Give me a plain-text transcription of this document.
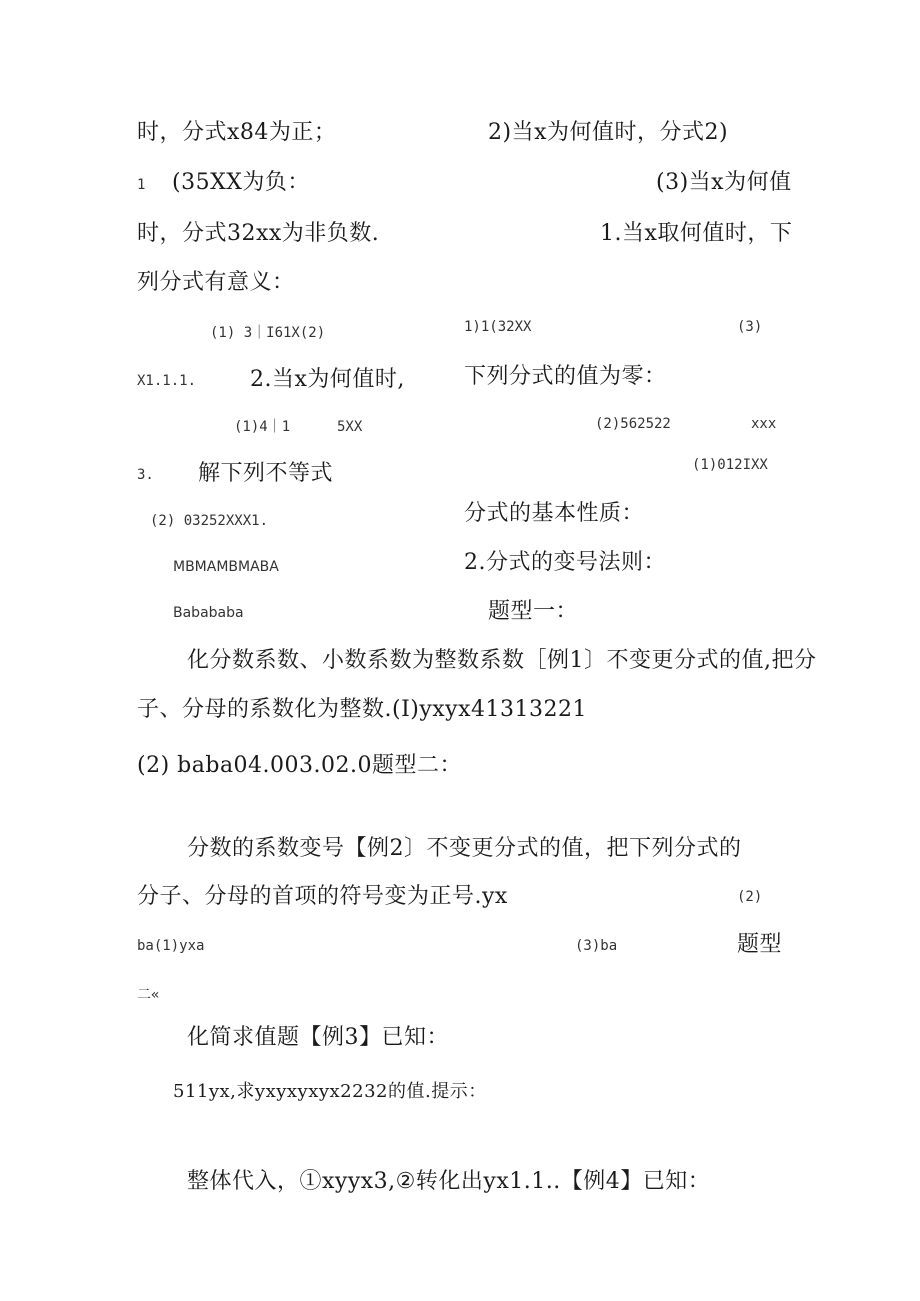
时，分式x84为正；	2)当x为何值时，分式2)
1 (35XX为负：	(3)当x为何值
时，分式32xx为非负数.	1.当x取何值时，下
列分式有意义：
(1) 3｜I61X(2)	1)1(32XX	(3)
X1.1.1. 2.当x为何值时,	下列分式的值为零：
(1)4｜1	5XX	(2)562522	xxx
3. 解下列不等式	(1)012IXX
(2) 03252XXX1.	分式的基本性质：
MBMAMBMABA	2.分式的变号法则：
Babababa	题型一：
化分数系数、小数系数为整数系数［例1〕不变更分式的值,把分
子、分母的系数化为整数.(I)yxyx41313221
(2) baba04.003.02.0题型二：
分数的系数变号【例2〕不变更分式的值，把下列分式的
分子、分母的首项的符号变为正号.yx	(2)
ba(1)yxa	(3)ba	题型
二«
化简求值题【例3】已知：
511yx,求yxyxyxyx2232的值.提示：
整体代入，①xyyx3,②转化出yx1.1..【例4】已知：
